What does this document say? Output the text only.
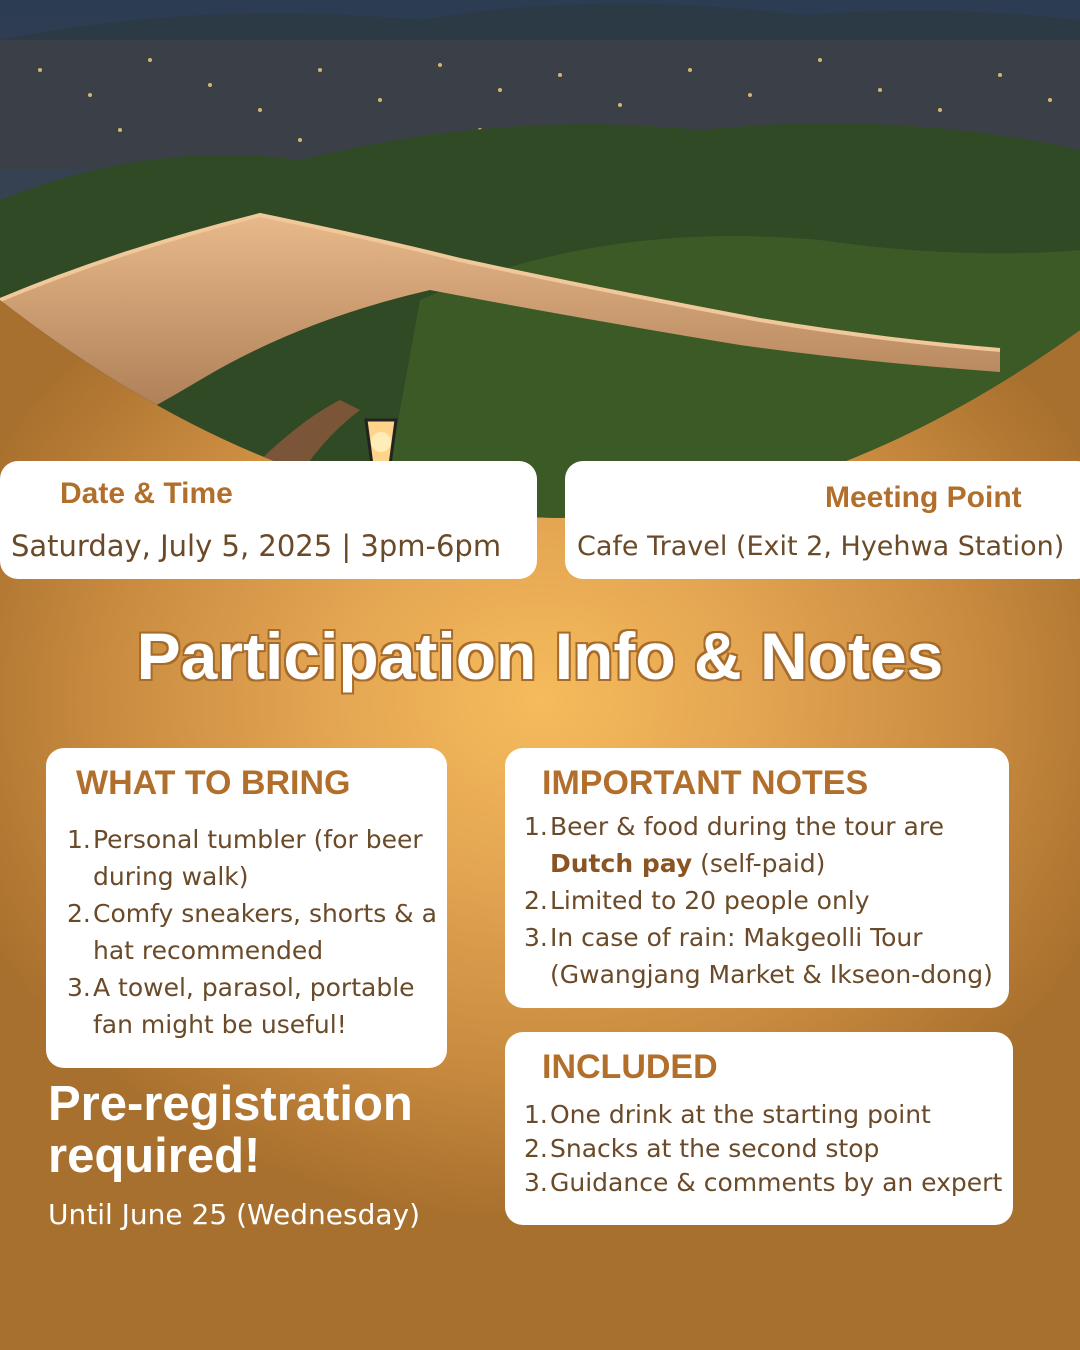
Date & Time
Saturday, July 5, 2025 | 3pm-6pm
Meeting Point
Cafe Travel (Exit 2, Hyehwa Station)
Participation Info & Notes
WHAT TO BRING
1. Personal tumbler (for beer during walk)
2. Comfy sneakers, shorts & a hat recommended
3. A towel, parasol, portable fan might be useful!
IMPORTANT NOTES
1. Beer & food during the tour are
Dutch pay (self-paid)
2. Limited to 20 people only
3. In case of rain: Makgeolli Tour (Gwangjang Market & Ikseon-dong)
INCLUDED
1. One drink at the starting point
2. Snacks at the second stop
3. Guidance & comments by an expert
Pre-registration required!
Until June 25 (Wednesday)
